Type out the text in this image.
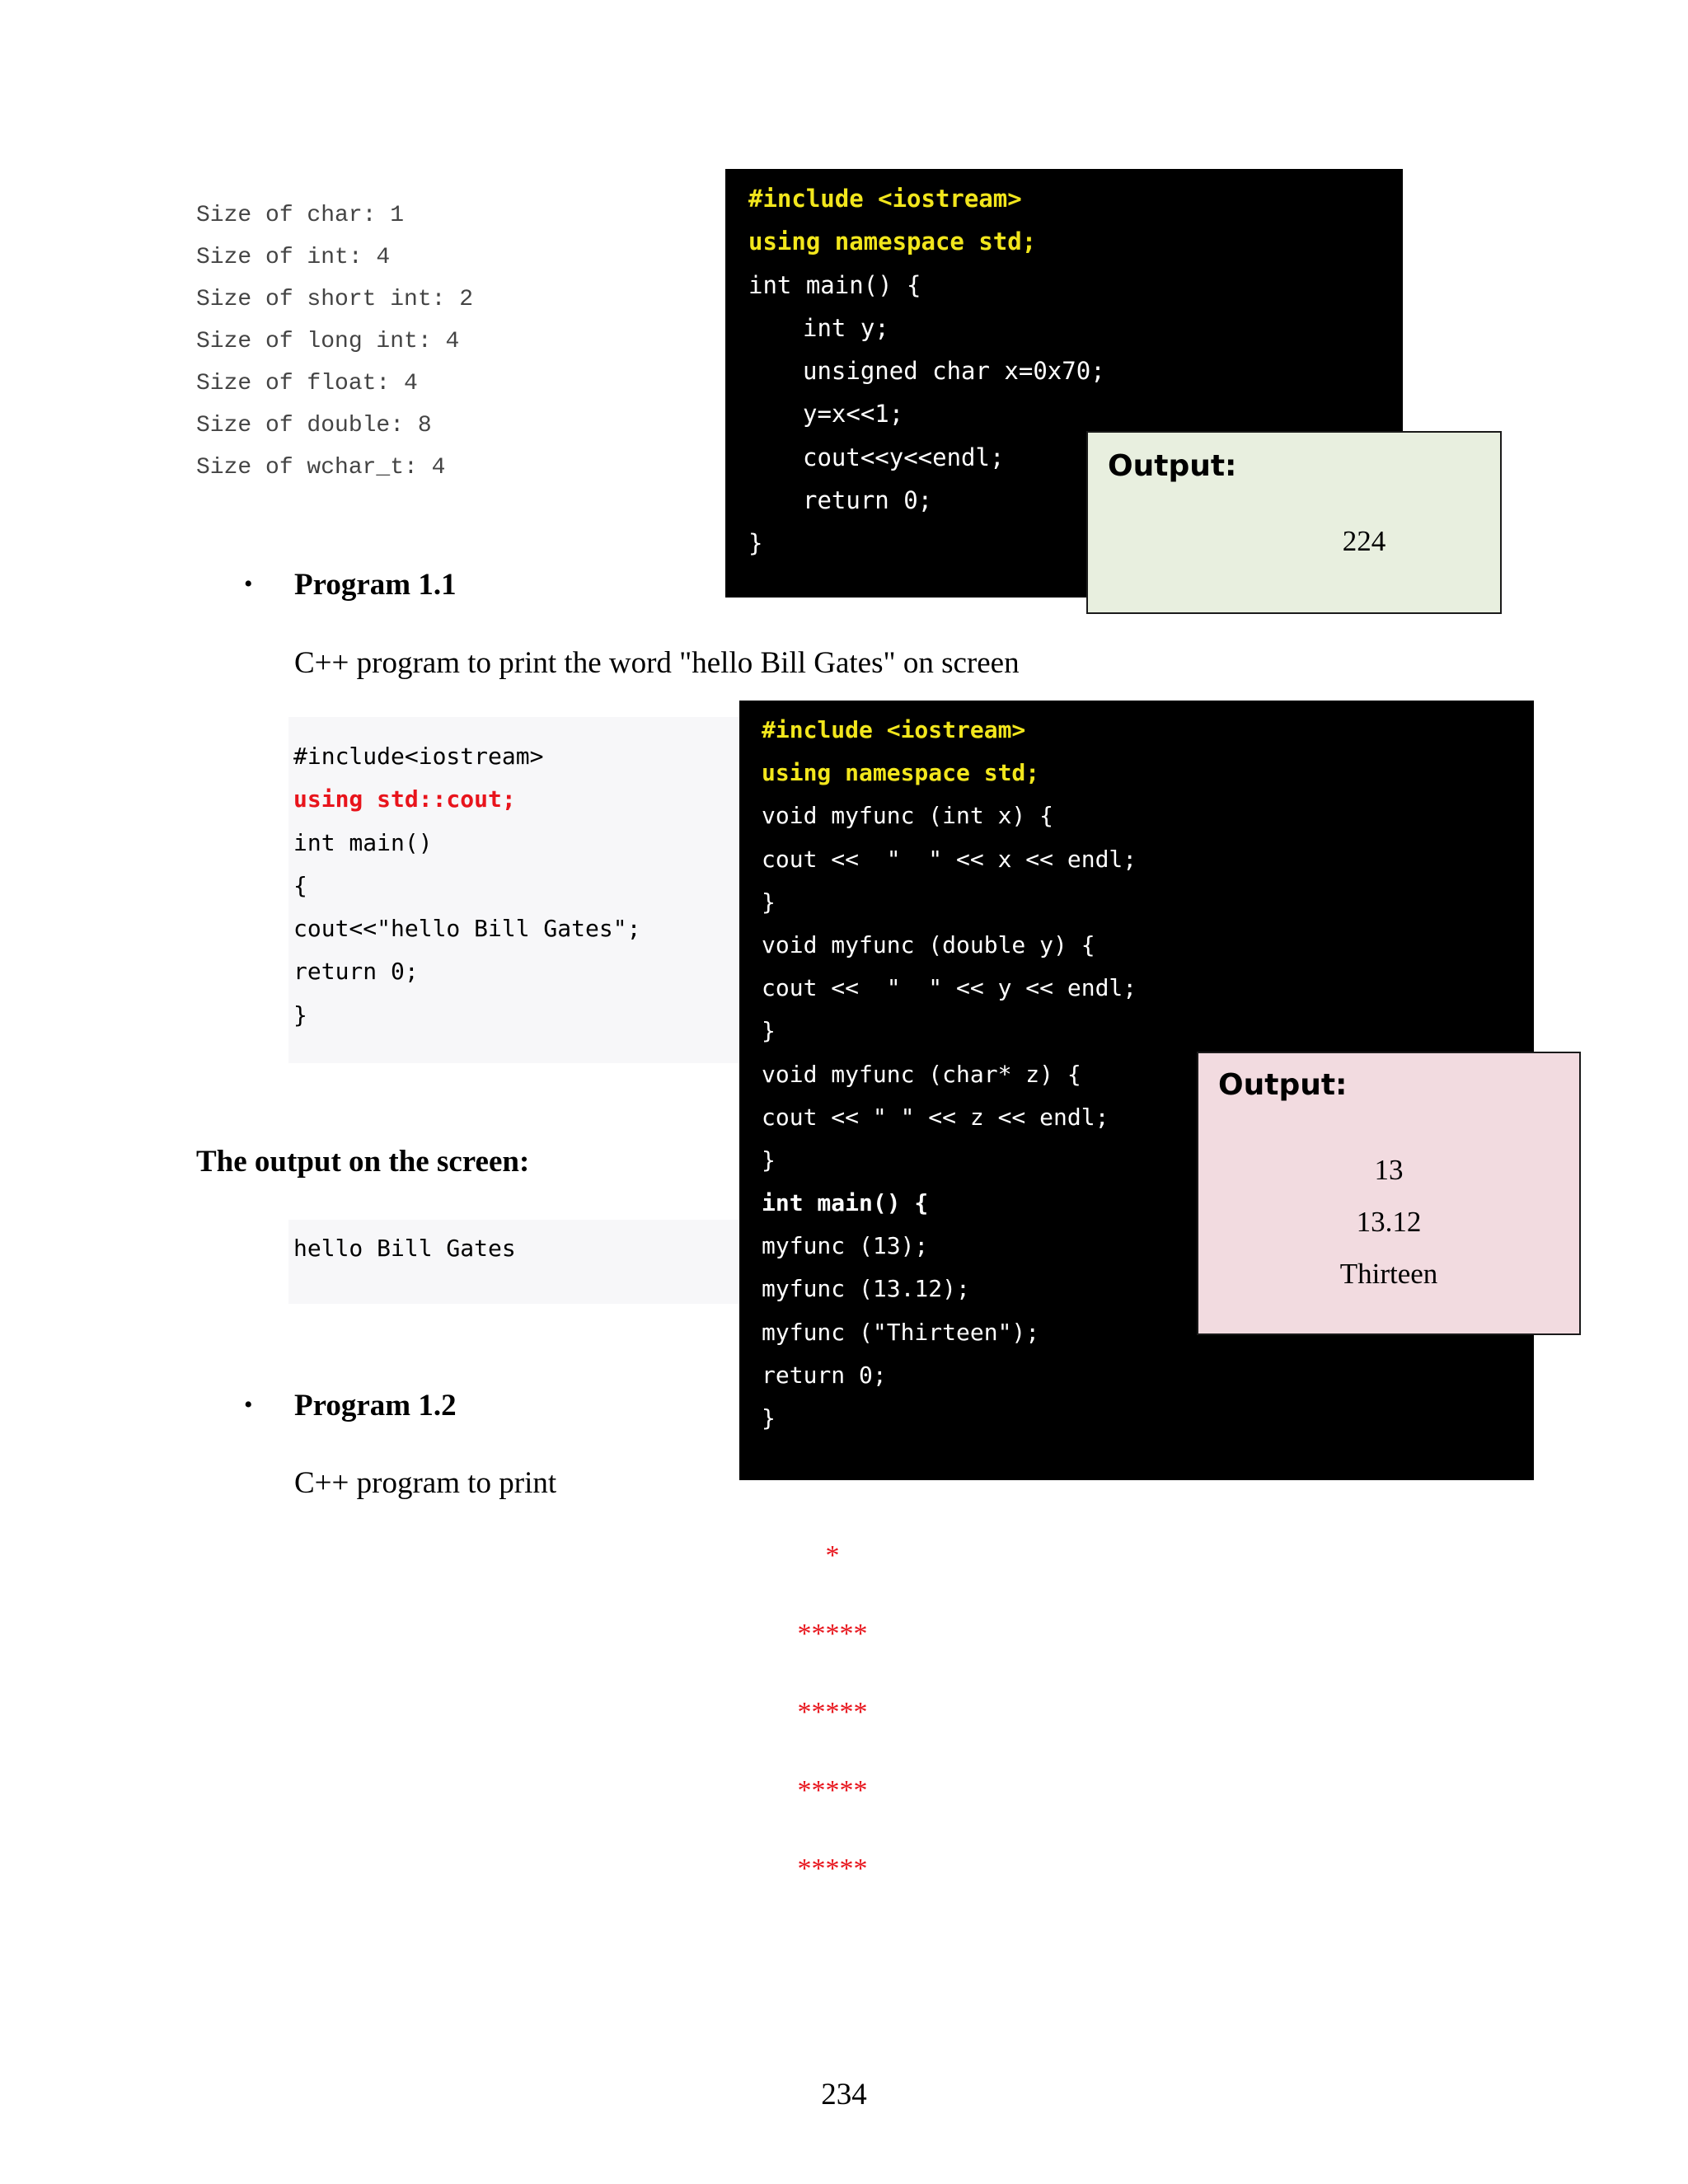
Size of char: 1
Size of int: 4
Size of short int: 2
Size of long int: 4
Size of float: 4
Size of double: 8
Size of wchar_t: 4
#include <iostream>
using namespace std;
int main() {
int y;
unsigned char x=0x70;
y=x<<1;
cout<<y<<endl;
return 0;
}
Output:
224
• Program 1.1
C++ program to print the word "hello Bill Gates" on screen
#include<iostream>
using std::cout;
int main()
{
cout<<"hello Bill Gates";
return 0;
}
#include <iostream>
using namespace std;
void myfunc (int x) {
cout <<  "  " << x << endl;
}
void myfunc (double y) {
cout <<  "  " << y << endl;
}
void myfunc (char* z) {
cout << " " << z << endl;
}
int main() {
myfunc (13);
myfunc (13.12);
myfunc ("Thirteen");
return 0;
}
Output:
13
13.12
Thirteen
The output on the screen:
hello Bill Gates
• Program 1.2
C++ program to print
*
*****
*****
*****
*****
234
